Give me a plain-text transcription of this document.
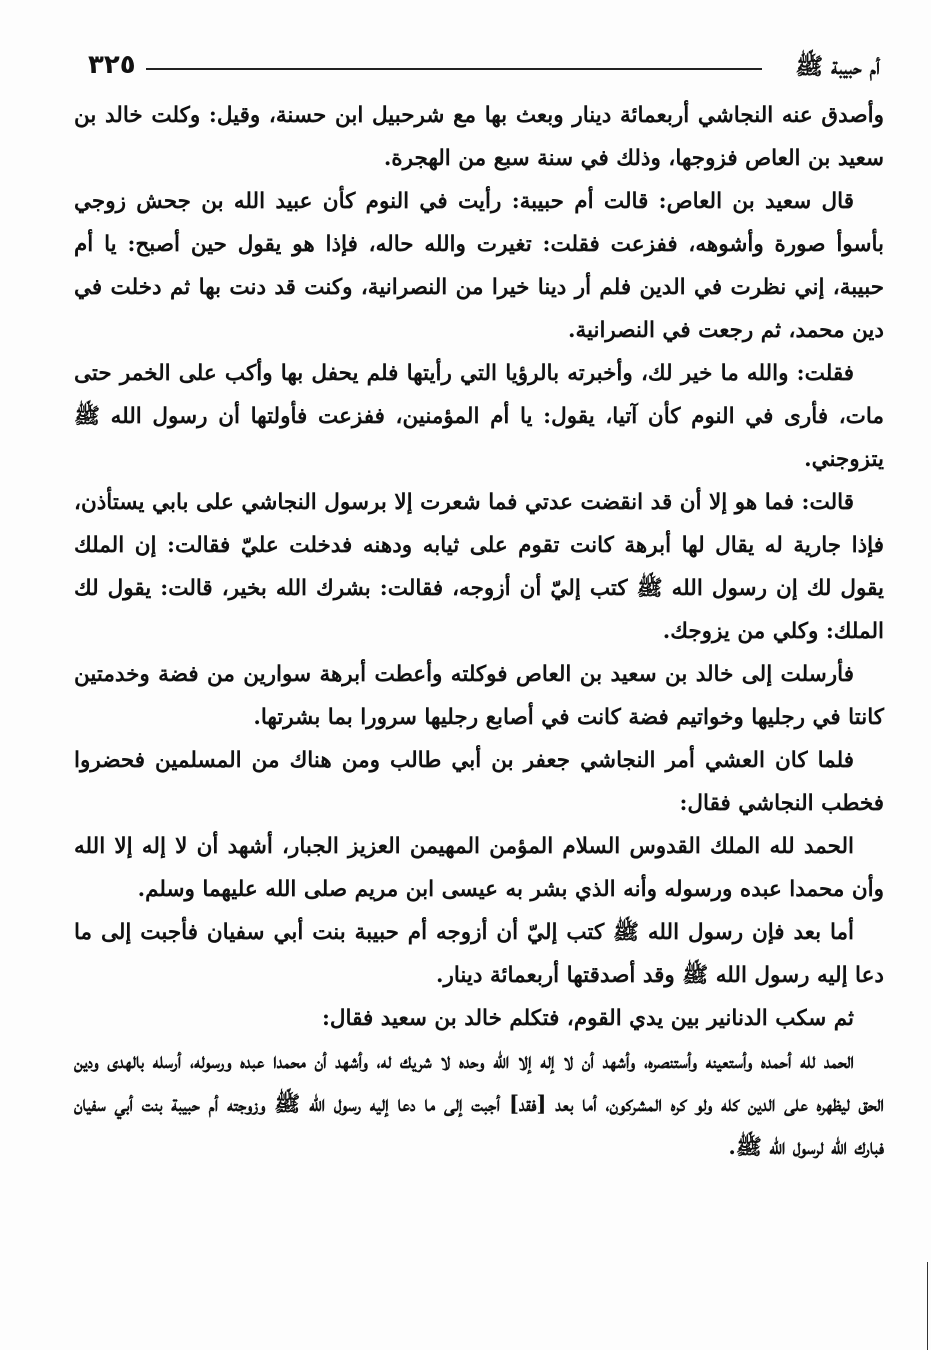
٣٢٥	أم حبيبة ﷺ

وأصدق عنه النجاشي أربعمائة دينار وبعث بها مع شرحبيل ابن حسنة، وقيل: وكلت خالد بن سعيد بن العاص فزوجها، وذلك في سنة سبع من الهجرة.

قال سعيد بن العاص: قالت أم حبيبة: رأيت في النوم كأن عبيد الله بن جحش زوجي بأسوأ صورة وأشوهه، ففزعت فقلت: تغيرت والله حاله، فإذا هو يقول حين أصبح: يا أم حبيبة، إني نظرت في الدين فلم أر دينا خيرا من النصرانية، وكنت قد دنت بها ثم دخلت في دين محمد، ثم رجعت في النصرانية.

فقلت: والله ما خير لك، وأخبرته بالرؤيا التي رأيتها فلم يحفل بها وأكب على الخمر حتى مات، فأرى في النوم كأن آتيا، يقول: يا أم المؤمنين، ففزعت فأولتها أن رسول الله ﷺ يتزوجني.

قالت: فما هو إلا أن قد انقضت عدتي فما شعرت إلا برسول النجاشي على بابي يستأذن، فإذا جارية له يقال لها أبرهة كانت تقوم على ثيابه ودهنه فدخلت عليّ فقالت: إن الملك يقول لك إن رسول الله ﷺ كتب إليّ أن أزوجه، فقالت: بشرك الله بخير، قالت: يقول لك الملك: وكلي من يزوجك.

فأرسلت إلى خالد بن سعيد بن العاص فوكلته وأعطت أبرهة سوارين من فضة وخدمتين كانتا في رجليها وخواتيم فضة كانت في أصابع رجليها سرورا بما بشرتها.

فلما كان العشي أمر النجاشي جعفر بن أبي طالب ومن هناك من المسلمين فحضروا فخطب النجاشي فقال:

الحمد لله الملك القدوس السلام المؤمن المهيمن العزيز الجبار، أشهد أن لا إله إلا الله وأن محمدا عبده ورسوله وأنه الذي بشر به عيسى ابن مريم صلى الله عليهما وسلم.

أما بعد فإن رسول الله ﷺ كتب إليّ أن أزوجه أم حبيبة بنت أبي سفيان فأجبت إلى ما دعا إليه رسول الله ﷺ وقد أصدقتها أربعمائة دينار.

ثم سكب الدنانير بين يدي القوم، فتكلم خالد بن سعيد فقال:

الحمد لله أحمده وأستعينه وأستنصره، وأشهد أن لا إله إلا الله وحده لا شريك له، وأشهد أن محمدا عبده ورسوله، أرسله بالهدى ودين الحق ليظهره على الدين كله ولو كره المشركون، أما بعد [فقد] أجبت إلى ما دعا إليه رسول الله ﷺ وزوجته أم حبيبة بنت أبي سفيان فبارك الله لرسول الله ﷺ.
